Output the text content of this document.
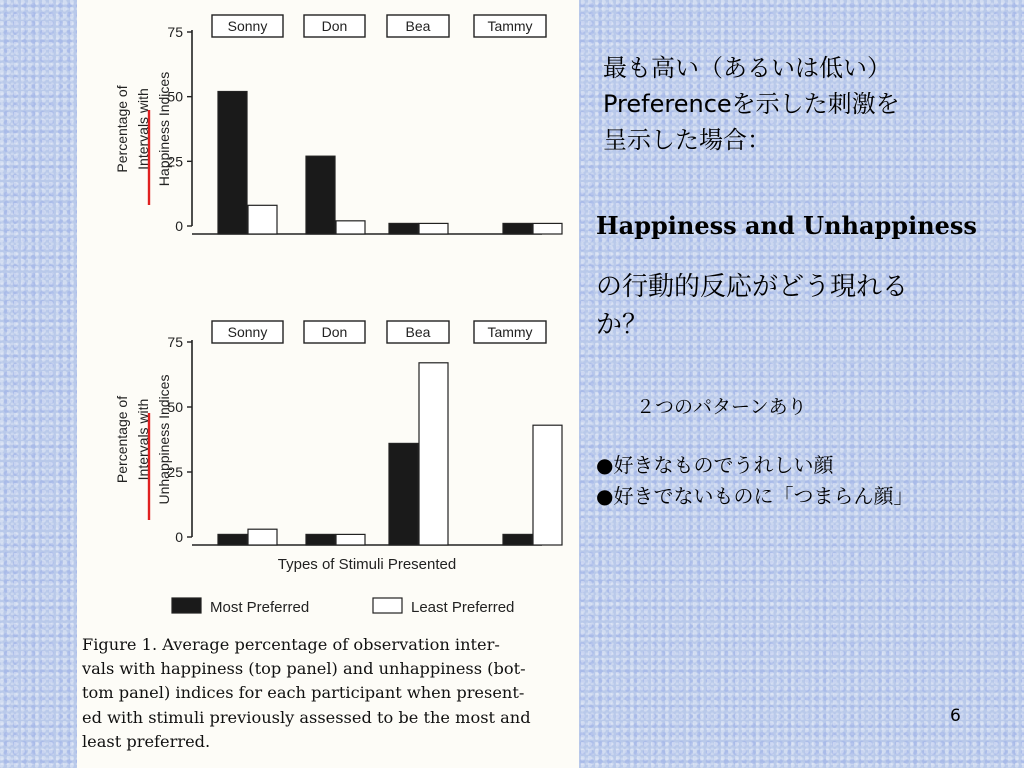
0
25
50
75
Percentage of Intervals with Happiness Indices
Sonny	Don	Bea	Tammy
0
25
50
75
Percentage of Intervals with Unhappiness Indices
Sonny	Don	Bea	Tammy
Types of Stimuli Presented
Most Preferred	Least Preferred

Figure 1. Average percentage of observation inter-
vals with happiness (top panel) and unhappiness (bot-
tom panel) indices for each participant when present-
ed with stimuli previously assessed to be the most and
least preferred.

最も高い（あるいは低い）
Preferenceを示した刺激を
呈示した場合：

Happiness and Unhappiness

の行動的反応がどう現れる
か？

２つのパターンあり

●好きなものでうれしい顔
●好きでないものに「つまらん顔」

6
